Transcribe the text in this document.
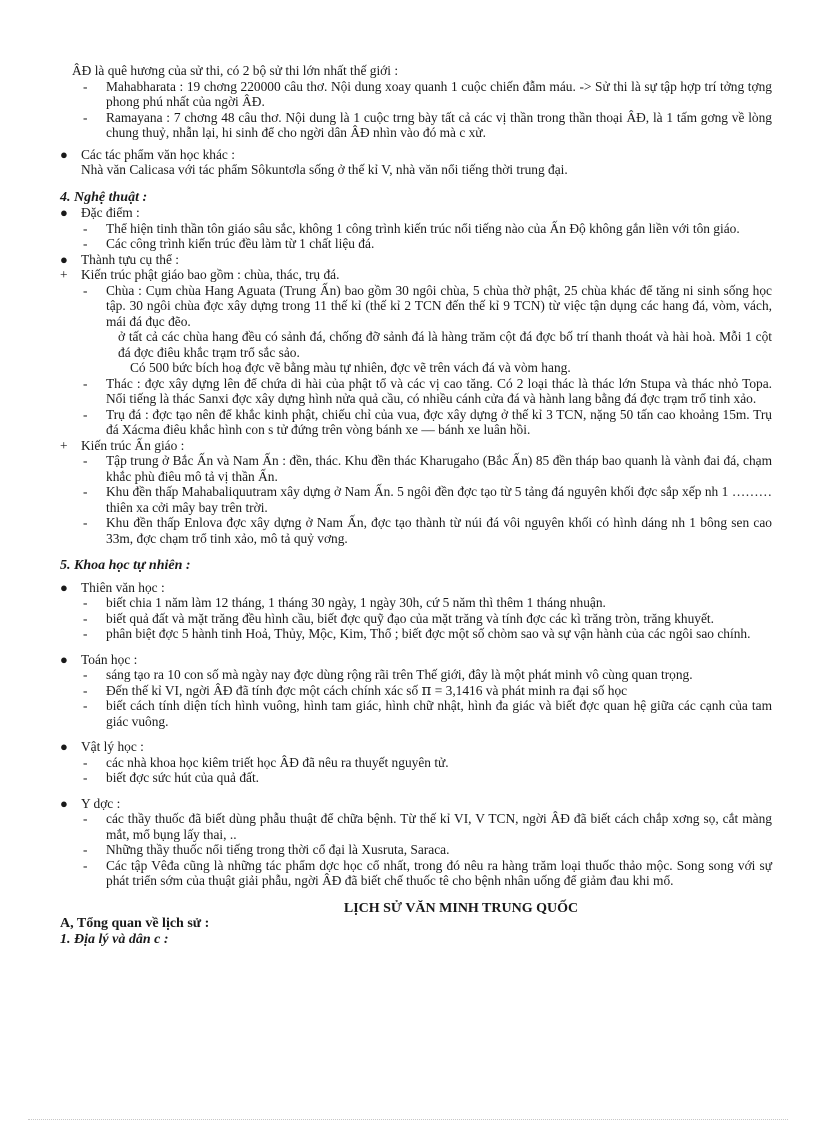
ÂĐ là quê hương của sử thi, có 2 bộ sử thi lớn nhất thế giới :

- Mahabharata : 19 chơng 220000 câu thơ. Nội dung xoay quanh 1 cuộc chiến đẫm máu. -> Sử thi là sự tập hợp trí tởng tợng phong phú nhất của ngời ÂĐ.
- Ramayana : 7 chơng 48 câu thơ. Nội dung là 1 cuộc trng bày tất cả các vị thần trong thần thoại ÂĐ, là 1 tấm gơng về lòng chung thuỷ, nhẫn lại, hi sinh để cho ngời dân ÂĐ nhìn vào đó mà c xử.
● Các tác phẩm văn học khác :

Nhà văn Calicasa với tác phẩm Sôkuntơla sống ở thế kỉ V, nhà văn nổi tiếng thời trung đại.

4. Nghệ thuật :
● Đặc điểm :
- Thể hiện tinh thần tôn giáo sâu sắc, không 1 công trình kiến trúc nổi tiếng nào của Ấn Độ không gắn liền với tôn giáo.
- Các công trình kiến trúc đều làm từ 1 chất liệu đá.
● Thành tựu cụ thể :
+ Kiến trúc phật giáo bao gồm : chùa, thác, trụ đá.
- Chùa : Cụm chùa Hang Aguata (Trung Ấn) bao gồm 30 ngôi chùa, 5 chùa thờ phật, 25 chùa khác để tăng ni sinh sống học tập. 30 ngôi chùa đợc xây dựng trong 11 thế kỉ (thế kỉ 2 TCN đến thế kỉ 9 TCN) từ việc tận dụng các hang đá, vòm, vách, mái đá đục đẽo.

ở tất cả các chùa hang đều có sảnh đá, chống đỡ sảnh đá là hàng trăm cột đá đợc bố trí thanh thoát và hài hoà. Mỗi 1 cột đá đợc điêu khắc trạm trổ sắc sảo.

Có 500 bức bích hoạ đợc vẽ bằng màu tự nhiên, đợc vẽ trên vách đá và vòm hang.

- Thác : đợc xây dựng lên để chứa di hài của phật tổ và các vị cao tăng. Có 2 loại thác là thác lớn Stupa và thác nhỏ Topa. Nổi tiếng là thác Sanxi đợc xây dựng hình nửa quả cầu, có nhiều cánh cửa đá và hành lang bằng đá đợc trạm trổ tinh xảo.
- Trụ đá : đợc tạo nên để khắc kinh phật, chiếu chỉ của vua, đợc xây dựng ở thế kỉ 3 TCN, nặng 50 tấn cao khoảng 15m. Trụ đá Xácma điêu khắc hình con s tử đứng trên vòng bánh xe — bánh xe luân hồi.
+ Kiến trúc Ấn giáo :
- Tập trung ở Bắc Ấn và Nam Ấn : đền, thác. Khu đền thác Kharugaho (Bắc Ấn) 85 đền tháp bao quanh là vành đai đá, chạm khắc phù điêu mô tả vị thần Ấn.
- Khu đền thấp Mahabaliquutram xây dựng ở Nam Ấn. 5 ngôi đền đợc tạo từ 5 tảng đá nguyên khối đợc sắp xếp nh 1 ……… thiên xa cởi mây bay trên trời.
- Khu đền thấp Enlova đợc xây dựng ở Nam Ấn, đợc tạo thành từ núi đá vôi nguyên khối có hình dáng nh 1 bông sen cao 33m, đợc chạm trổ tinh xảo, mô tả quỷ vơng.
5. Khoa học tự nhiên :
● Thiên văn học :
- biết chia 1 năm làm 12 tháng, 1 tháng 30 ngày, 1 ngày 30h, cứ 5 năm thì thêm 1 tháng nhuận.
- biết quả đất và mặt trăng đều hình cầu, biết đợc quỹ đạo của mặt trăng và tính đợc các kì trăng tròn, trăng khuyết.
- phân biệt đợc 5 hành tinh Hoả, Thủy, Mộc, Kim, Thổ ; biết đợc một số chòm sao và sự vận hành của các ngôi sao chính.
● Toán học :
- sáng tạo ra 10 con số mà ngày nay đợc dùng rộng rãi trên Thế giới, đây là một phát minh vô cùng quan trọng.
- Đến thế kỉ VI, ngời ÂĐ đã tính đợc một cách chính xác số π = 3,1416 và phát minh ra đại số học
- biết cách tính diện tích hình vuông, hình tam giác, hình chữ nhật, hình đa giác và biết đợc quan hệ giữa các cạnh của tam giác vuông.
● Vật lý học :
- các nhà khoa học kiêm triết học ÂĐ đã nêu ra thuyết nguyên tử.
- biết đợc sức hút của quả đất.
● Y dợc :
- các thầy thuốc đã biết dùng phẫu thuật để chữa bệnh. Từ thế kỉ VI, V TCN, ngời ÂĐ đã biết cách chắp xơng sọ, cắt màng mắt, mổ bụng lấy thai, ..
- Những thầy thuốc nổi tiếng trong thời cổ đại là Xusruta, Saraca.
- Các tập Vêđa cũng là những tác phẩm dợc học cổ nhất, trong đó nêu ra hàng trăm loại thuốc thảo mộc. Song song với sự phát triển sớm của thuật giải phẫu, ngời ÂĐ đã biết chế thuốc tê cho bệnh nhân uống để giảm đau khi mổ.

LỊCH SỬ VĂN MINH TRUNG QUỐC

A, Tổng quan về lịch sử :

1. Địa lý và dân c :
